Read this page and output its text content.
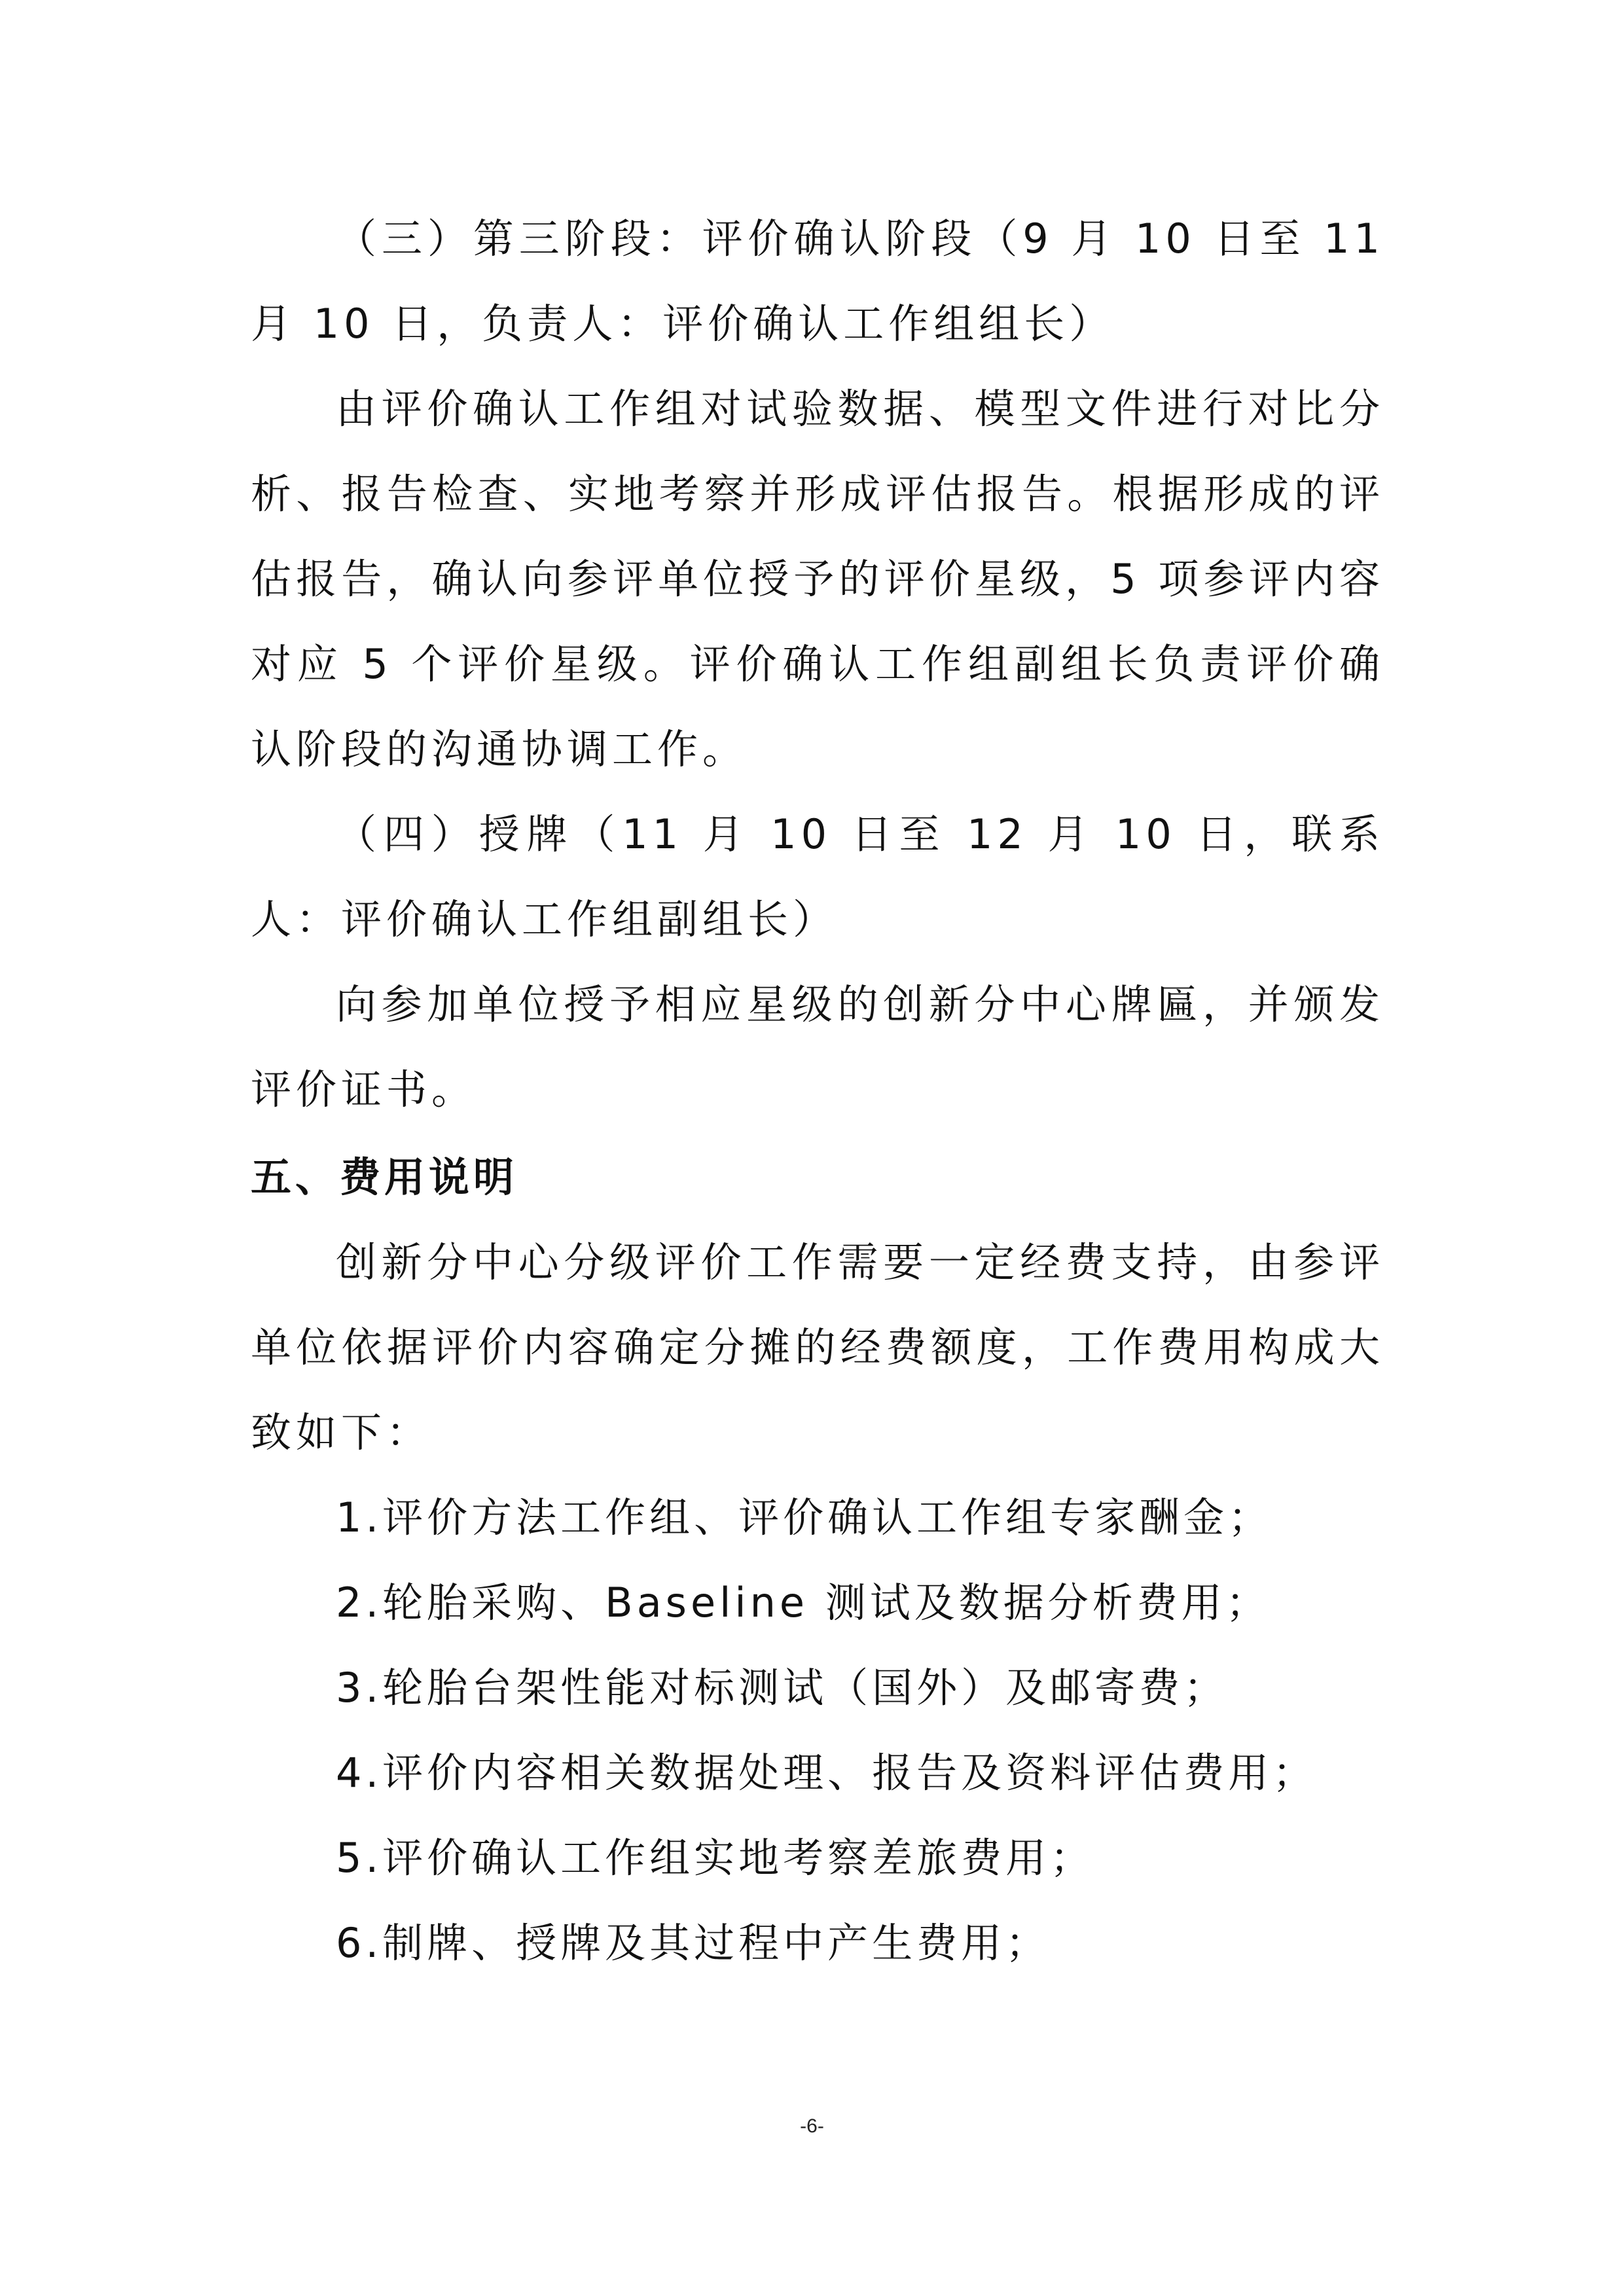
（三）第三阶段：评价确认阶段（9 月 10 日至 11 月 10 日，负责人：评价确认工作组组长）

由评价确认工作组对试验数据、模型文件进行对比分析、报告检查、实地考察并形成评估报告。根据形成的评估报告，确认向参评单位授予的评价星级，5 项参评内容对应 5 个评价星级。评价确认工作组副组长负责评价确认阶段的沟通协调工作。

（四）授牌（11 月 10 日至 12 月 10 日，联系人：评价确认工作组副组长）

向参加单位授予相应星级的创新分中心牌匾，并颁发评价证书。

五、费用说明

创新分中心分级评价工作需要一定经费支持，由参评单位依据评价内容确定分摊的经费额度，工作费用构成大致如下：

1.评价方法工作组、评价确认工作组专家酬金；

2.轮胎采购、Baseline 测试及数据分析费用；

3.轮胎台架性能对标测试（国外）及邮寄费；

4.评价内容相关数据处理、报告及资料评估费用；

5.评价确认工作组实地考察差旅费用；

6.制牌、授牌及其过程中产生费用；

-6-
